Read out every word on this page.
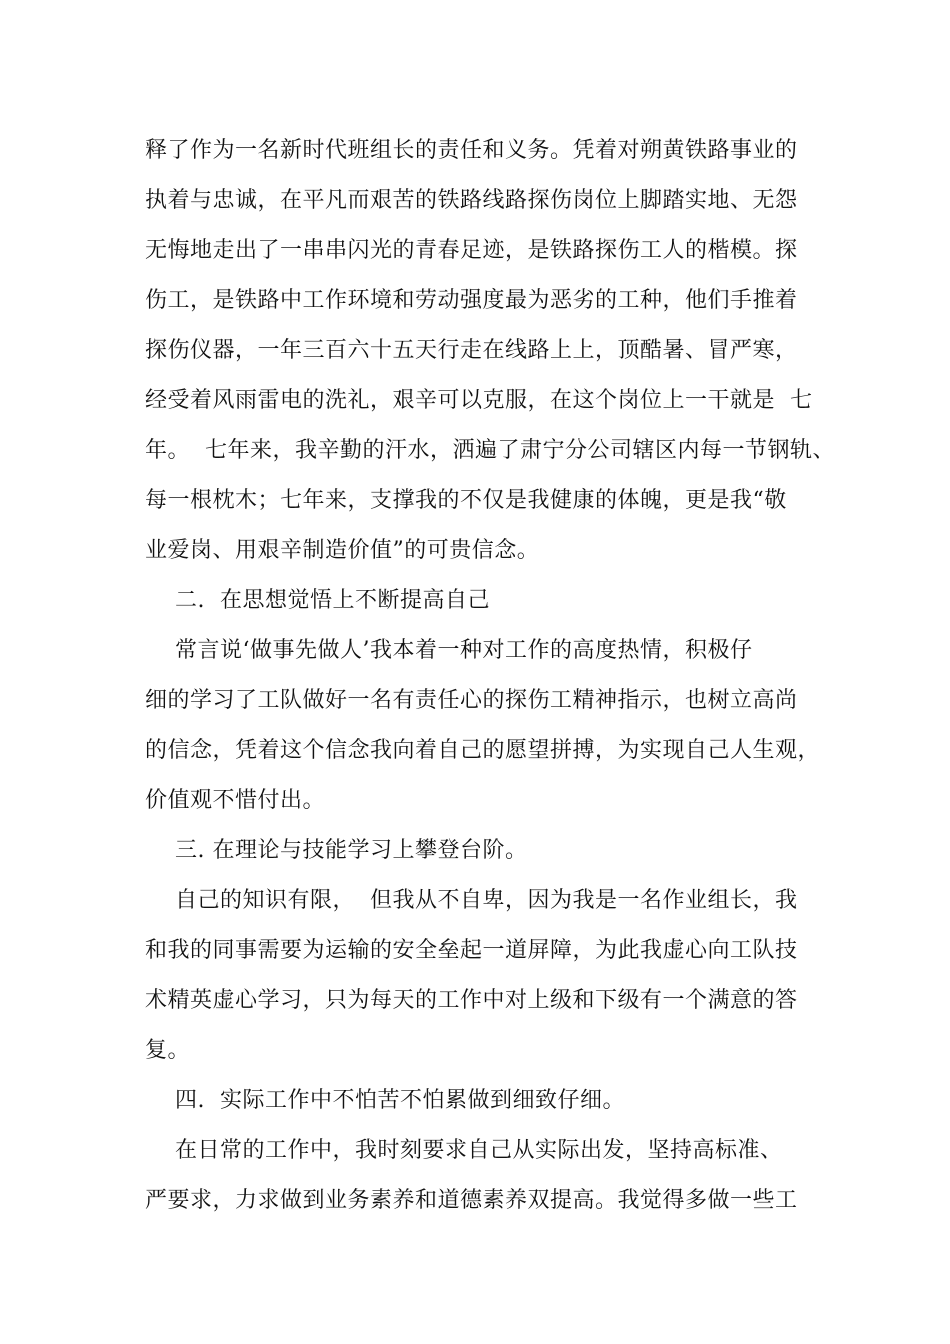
释了作为一名新时代班组长的责任和义务。凭着对朔黄铁路事业的
执着与忠诚，在平凡而艰苦的铁路线路探伤岗位上脚踏实地、无怨
无悔地走出了一串串闪光的青春足迹，是铁路探伤工人的楷模。探
伤工，是铁路中工作环境和劳动强度最为恶劣的工种，他们手推着
探伤仪器，一年三百六十五天行走在线路上上，顶酷暑、冒严寒，
经受着风雨雷电的洗礼，艰辛可以克服，在这个岗位上一干就是  七
年。  七年来，我辛勤的汗水，洒遍了肃宁分公司辖区内每一节钢轨、
每一根枕木；七年来，支撑我的不仅是我健康的体魄，更是我“敬
业爱岗、用艰辛制造价值”的可贵信念。
二.  在思想觉悟上不断提高自己
常言说‘做事先做人’我本着一种对工作的高度热情，积极仔
细的学习了工队做好一名有责任心的探伤工精神指示，也树立高尚
的信念，凭着这个信念我向着自己的愿望拼搏，为实现自己人生观，
价值观不惜付出。
三. 在理论与技能学习上攀登台阶。
自己的知识有限，  但我从不自卑，因为我是一名作业组长，我
和我的同事需要为运输的安全垒起一道屏障，为此我虚心向工队技
术精英虚心学习，只为每天的工作中对上级和下级有一个满意的答
复。
四.  实际工作中不怕苦不怕累做到细致仔细。
在日常的工作中，我时刻要求自己从实际出发，坚持高标准、
严要求，力求做到业务素养和道德素养双提高。我觉得多做一些工
